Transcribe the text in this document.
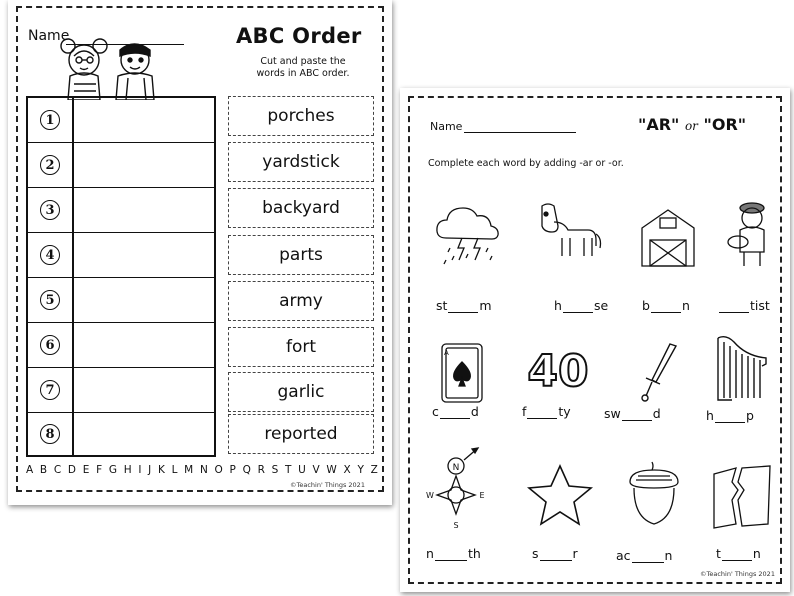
Name	ABC Order
Cut and paste the words in ABC order.
1
2
3
4
5
6
7
8
porches
yardstick
backyard
parts
army
fort
garlic
reported
A B C D E F G H I J K L M N O P Q R S T U V W X Y Z
©Teachin' Things 2021
Name	"AR" or "OR"
Complete each word by adding -ar or -or.
st	m	h	se	b	n	tist
A 40
c	d	f	ty	sw	d	h	p
N
E
S
W
n	th	s	r	ac	n	t	n
©Teachin' Things 2021
